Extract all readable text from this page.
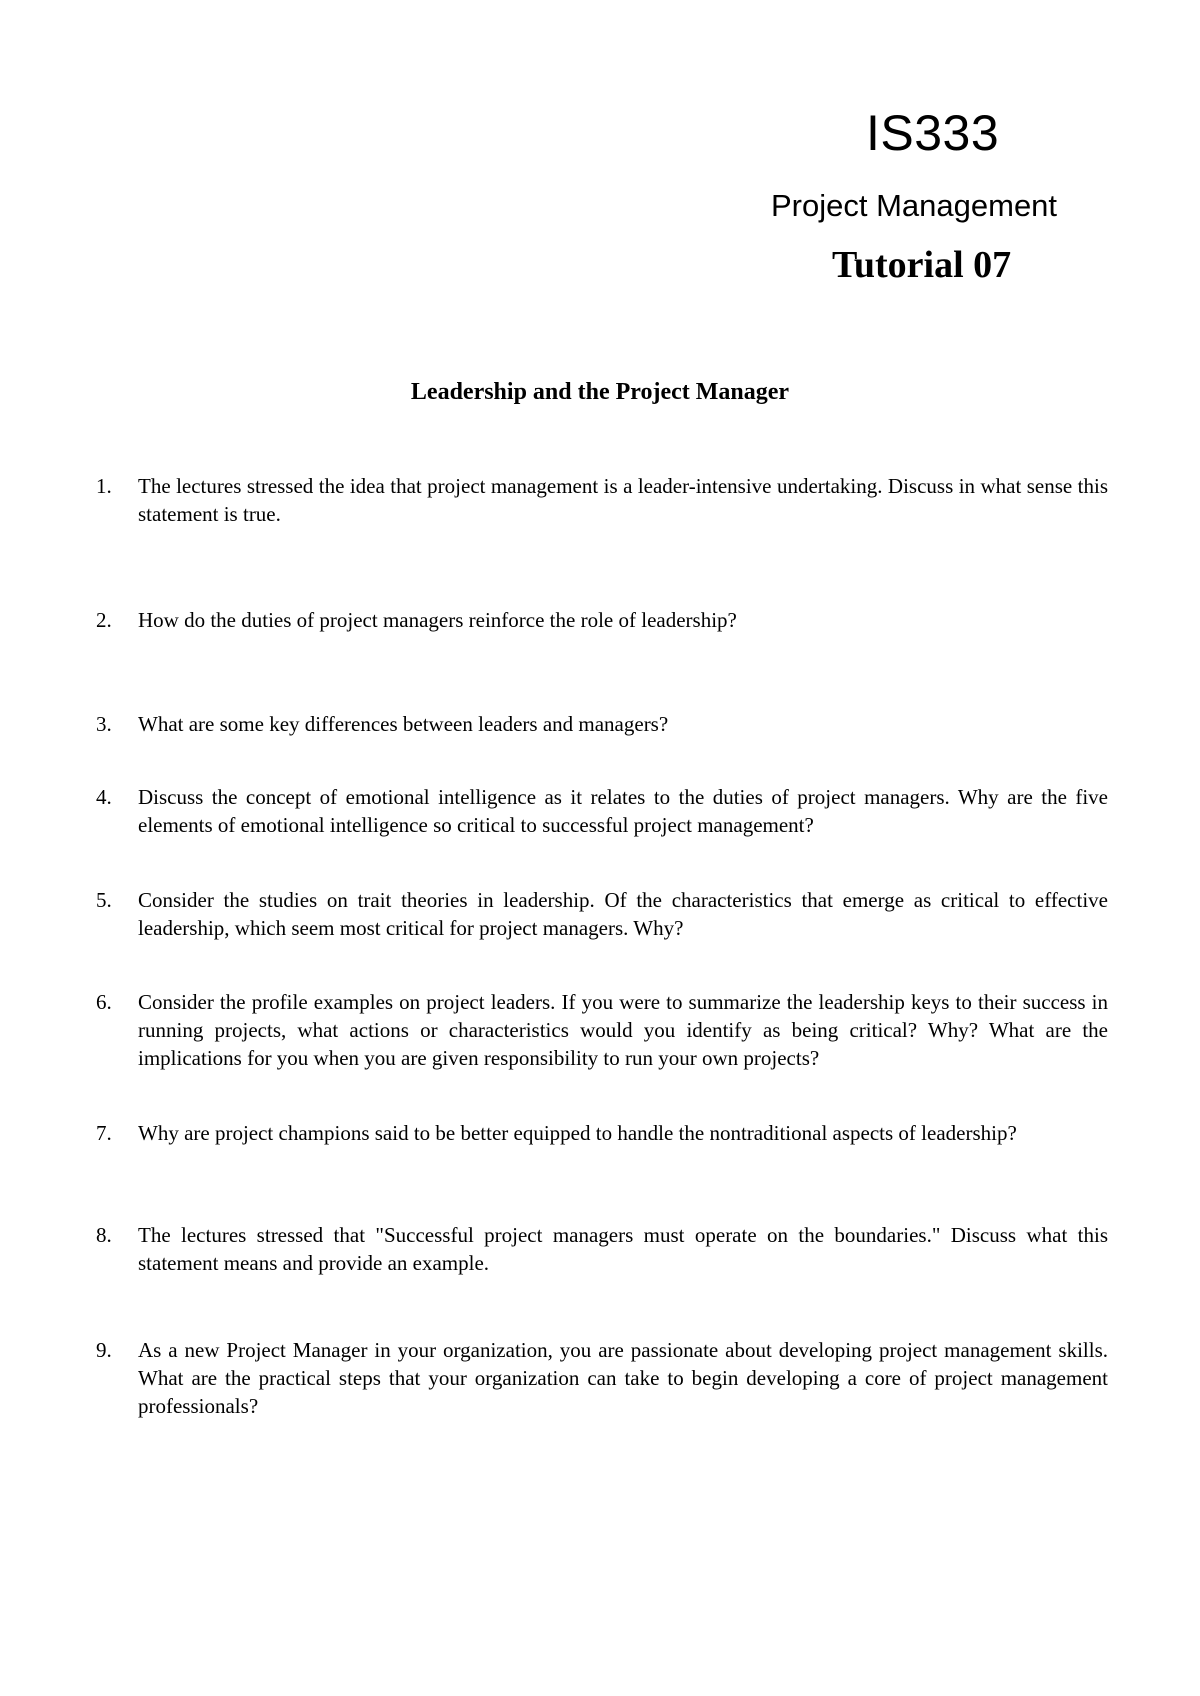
IS333
Project Management
Tutorial 07
Leadership and the Project Manager
1.	The lectures stressed the idea that project management is a leader-intensive undertaking. Discuss in what sense this statement is true.
2.	How do the duties of project managers reinforce the role of leadership?
3.	What are some key differences between leaders and managers?
4.	Discuss the concept of emotional intelligence as it relates to the duties of project managers. Why are the five elements of emotional intelligence so critical to successful project management?
5.	Consider the studies on trait theories in leadership. Of the characteristics that emerge as critical to effective leadership, which seem most critical for project managers. Why?
6.	Consider the profile examples on project leaders. If you were to summarize the leadership keys to their success in running projects, what actions or characteristics would you identify as being critical? Why? What are the implications for you when you are given responsibility to run your own projects?
7.	Why are project champions said to be better equipped to handle the nontraditional aspects of leadership?
8.	The lectures stressed that "Successful project managers must operate on the boundaries." Discuss what this statement means and provide an example.
9.	As a new Project Manager in your organization, you are passionate about developing project management skills. What are the practical steps that your organization can take to begin developing a core of project management professionals?
